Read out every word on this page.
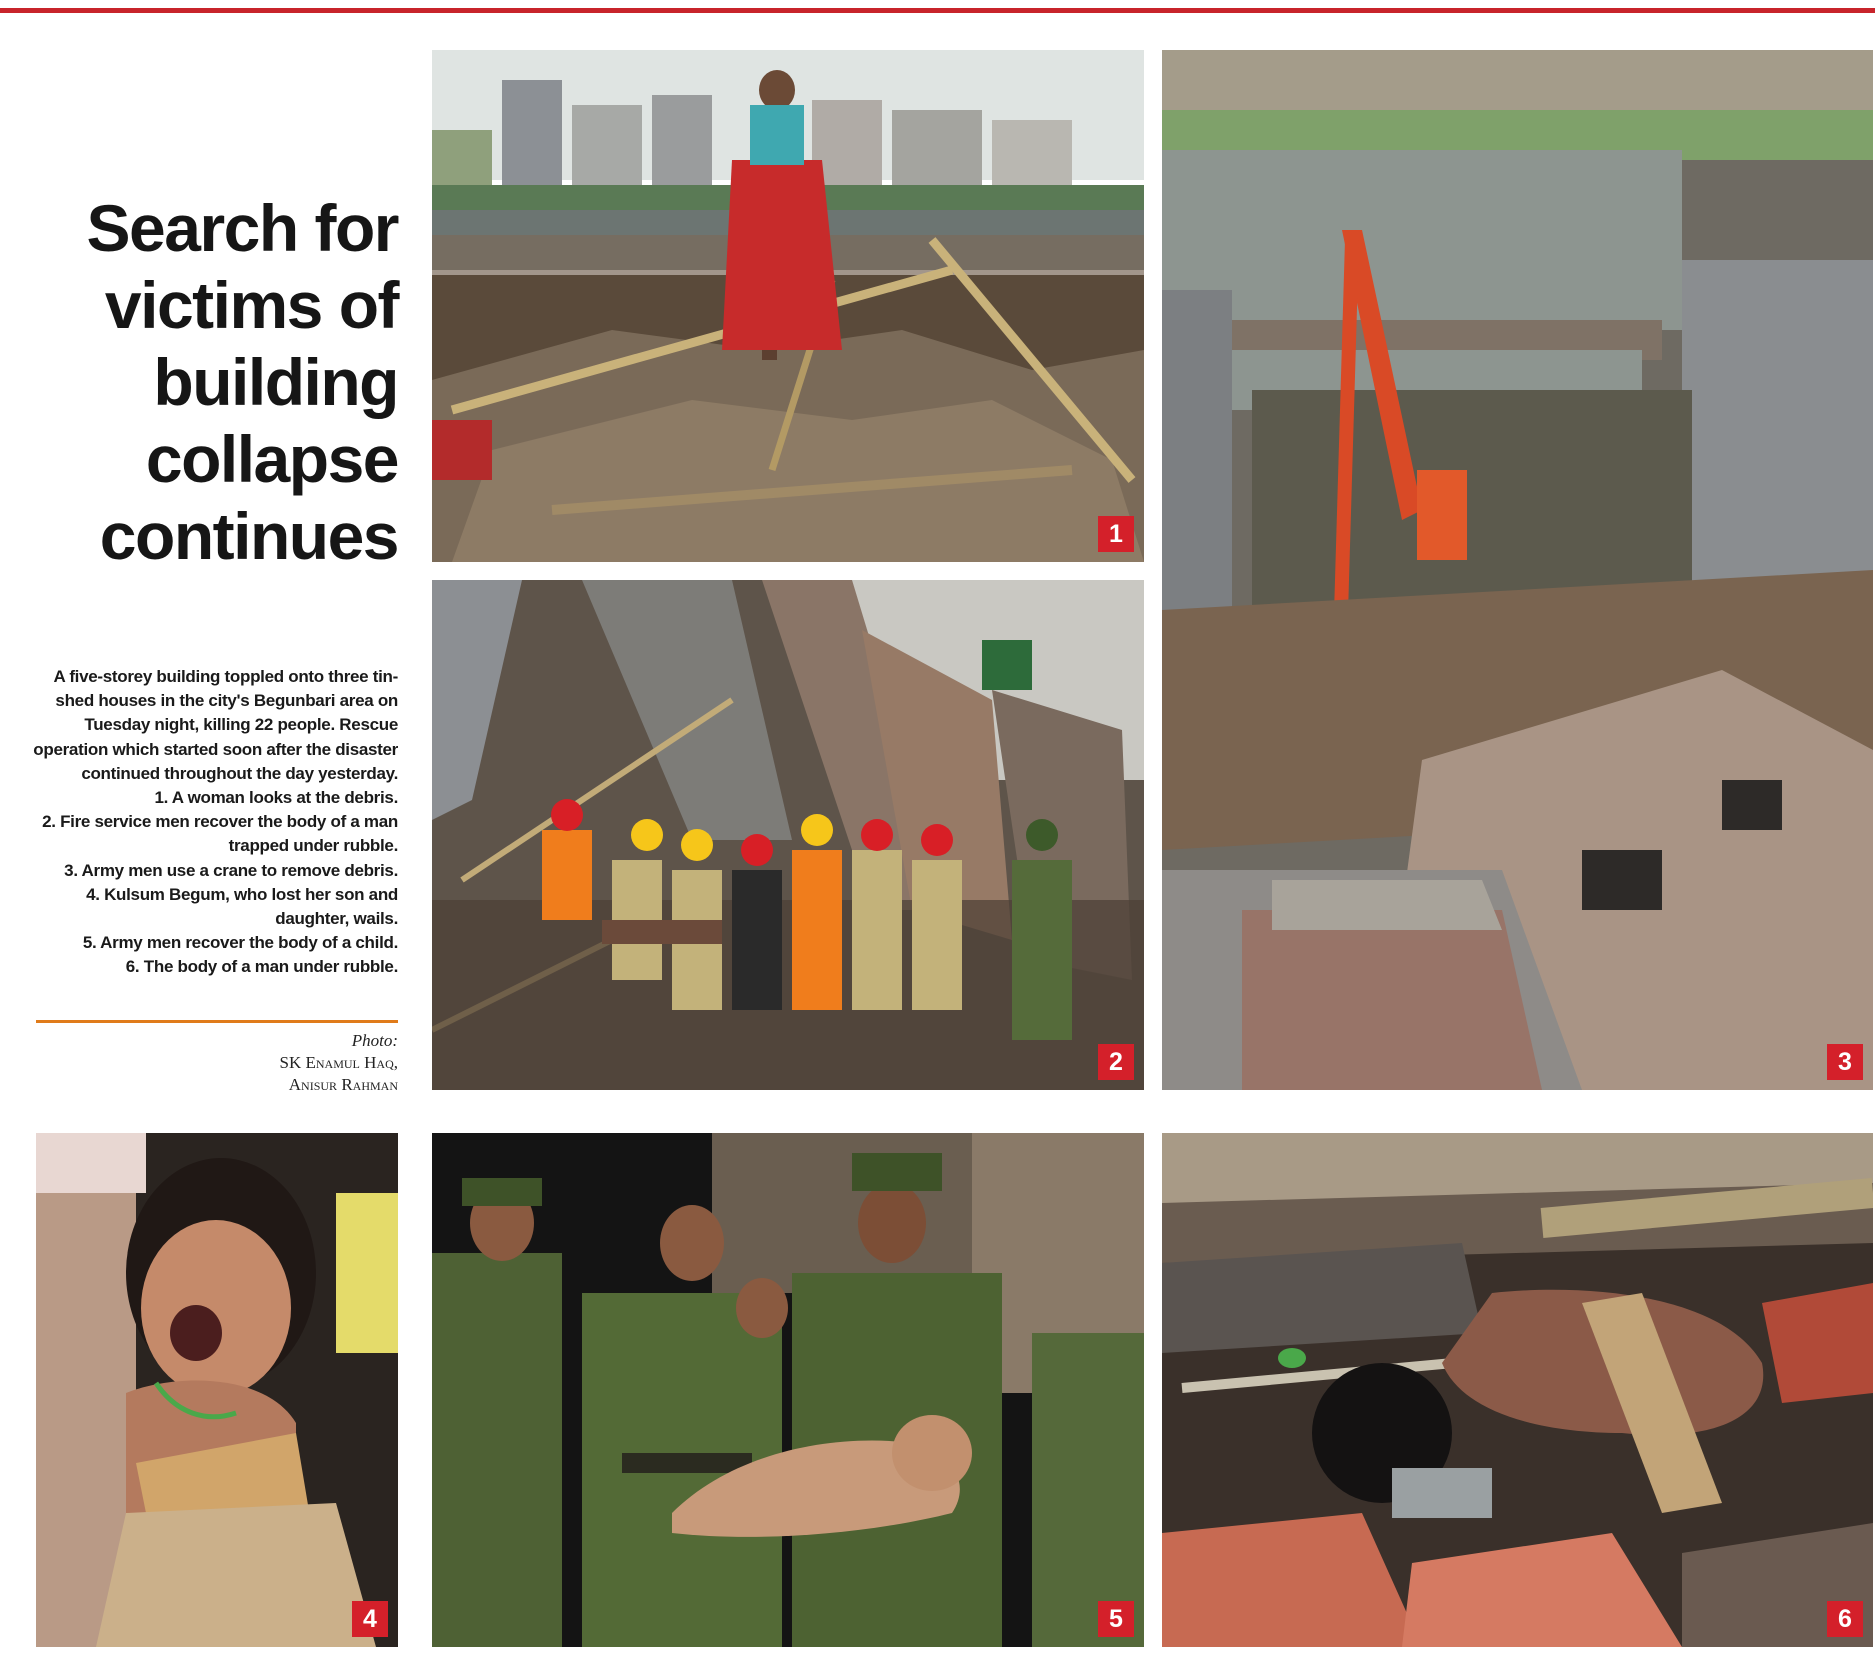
Search for
victims of
building
collapse
continues

A five-storey building toppled onto three tin-shed houses in the city's Begunbari area on Tuesday night, killing 22 people. Rescue operation which started soon after the disaster continued throughout the day yesterday.

1. A woman looks at the debris.

2. Fire service men recover the body of a man trapped under rubble.

3. Army men use a crane to remove debris.

4. Kulsum Begum, who lost her son and daughter, wails.

5. Army men recover the body of a child.

6. The body of a man under rubble.

Photo:
SK Enamul Haq,
Anisur Rahman
1
2	3
4	5	6
